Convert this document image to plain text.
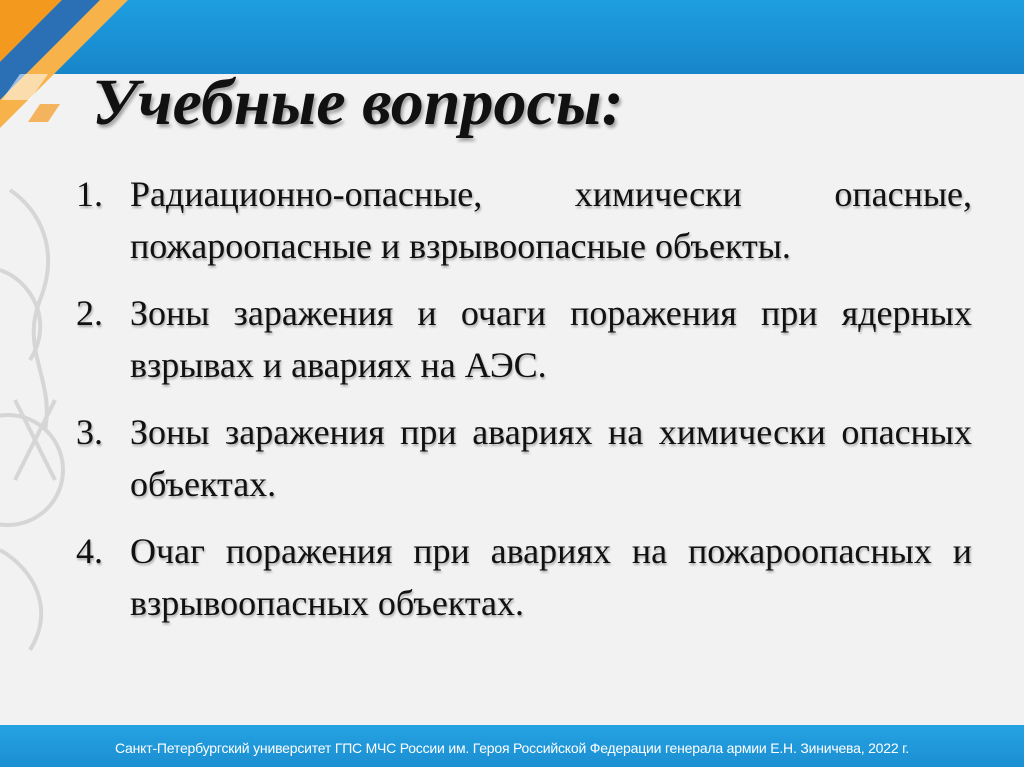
Учебные вопросы:
1. Радиационно-опасные, химически опасные, пожароопасные и взрывоопасные объекты.
2. Зоны заражения и очаги поражения при ядерных взрывах и авариях на АЭС.
3. Зоны заражения при авариях на химически опасных объектах.
4. Очаг поражения при авариях на пожароопасных и взрывоопасных объектах.
Санкт-Петербургский университет ГПС МЧС России им. Героя Российской Федерации генерала армии Е.Н. Зиничева, 2022 г.
